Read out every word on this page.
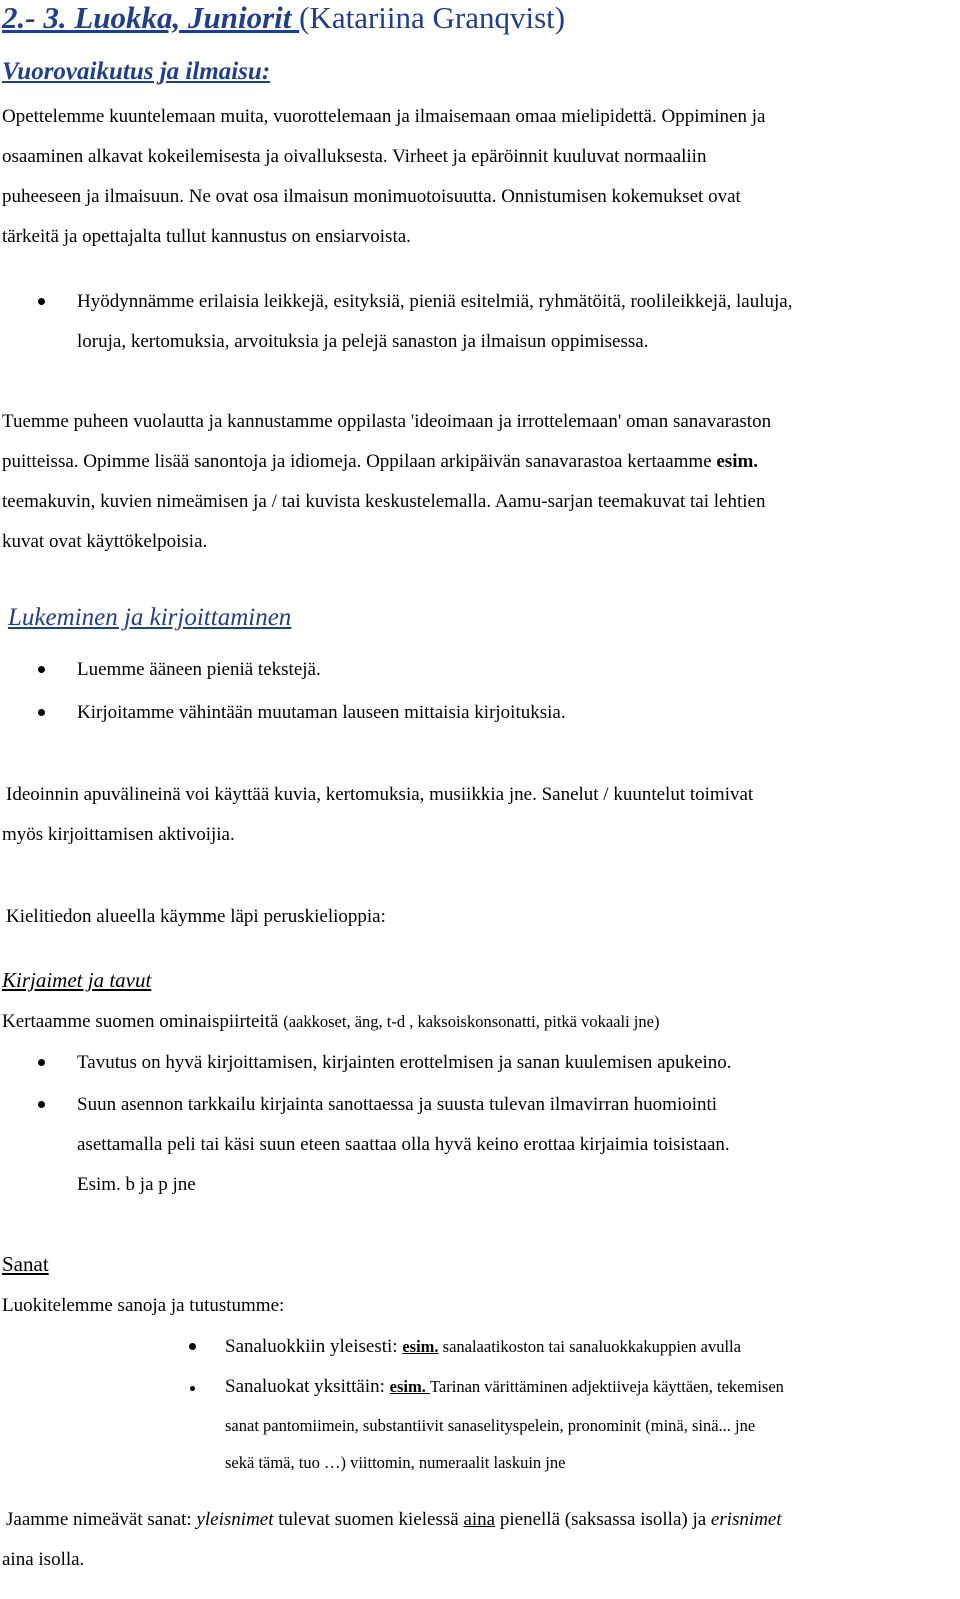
2.- 3. Luokka, Juniorit (Katariina Granqvist)
Vuorovaikutus ja ilmaisu:
Opettelemme kuuntelemaan muita, vuorottelemaan ja ilmaisemaan omaa mielipidettä. Oppiminen ja
osaaminen alkavat kokeilemisesta ja oivalluksesta. Virheet ja epäröinnit kuuluvat normaaliin
puheeseen ja ilmaisuun. Ne ovat osa ilmaisun monimuotoisuutta. Onnistumisen kokemukset ovat
tärkeitä ja opettajalta tullut kannustus on ensiarvoista.
Hyödynnämme erilaisia leikkejä, esityksiä, pieniä esitelmiä, ryhmätöitä, roolileikkejä, lauluja,
loruja, kertomuksia, arvoituksia ja pelejä sanaston ja ilmaisun oppimisessa.
Tuemme puheen vuolautta ja kannustamme oppilasta 'ideoimaan ja irrottelemaan' oman sanavaraston
puitteissa. Opimme lisää sanontoja ja idiomeja. Oppilaan arkipäivän sanavarastoa kertaamme esim.
teemakuvin, kuvien nimeämisen ja / tai kuvista keskustelemalla. Aamu-sarjan teemakuvat tai lehtien
kuvat ovat käyttökelpoisia.
Lukeminen ja kirjoittaminen
Luemme ääneen pieniä tekstejä.
Kirjoitamme vähintään muutaman lauseen mittaisia kirjoituksia.
Ideoinnin apuvälineinä voi käyttää kuvia, kertomuksia, musiikkia jne. Sanelut / kuuntelut toimivat
myös kirjoittamisen aktivoijia.
Kielitiedon alueella käymme läpi peruskielioppia:
Kirjaimet ja tavut
Kertaamme suomen ominaispiirteitä (aakkoset, äng, t-d , kaksoiskonsonatti, pitkä vokaali jne)
Tavutus on hyvä kirjoittamisen, kirjainten erottelmisen ja sanan kuulemisen apukeino.
Suun asennon tarkkailu kirjainta sanottaessa ja suusta tulevan ilmavirran huomiointi
asettamalla peli tai käsi suun eteen saattaa olla hyvä keino erottaa kirjaimia toisistaan.
Esim. b ja p jne
Sanat
Luokitelemme sanoja ja tutustumme:
Sanaluokkiin yleisesti: esim. sanalaatikoston tai sanaluokkakuppien avulla
Sanaluokat yksittäin: esim. Tarinan värittäminen adjektiiveja käyttäen, tekemisen
sanat pantomiimein, substantiivit sanaselityspelein, pronominit (minä, sinä... jne
sekä tämä, tuo …) viittomin, numeraalit laskuin jne
Jaamme nimeävät sanat: yleisnimet tulevat suomen kielessä aina pienellä (saksassa isolla) ja erisnimet
aina isolla.
